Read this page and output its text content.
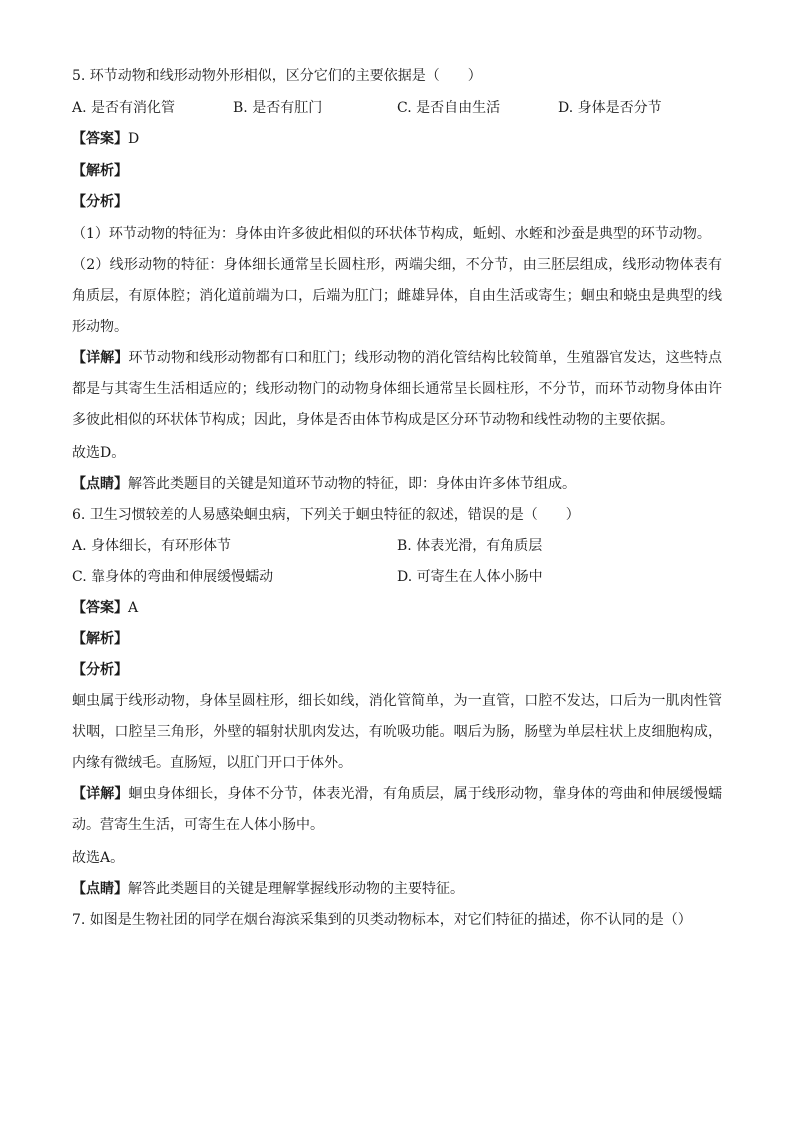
5. 环节动物和线形动物外形相似，区分它们的主要依据是（　　）
A. 是否有消化管	B. 是否有肛门	C. 是否自由生活	D. 身体是否分节
【答案】D
【解析】
【分析】
（1）环节动物的特征为：身体由许多彼此相似的环状体节构成，蚯蚓、水蛭和沙蚕是典型的环节动物。
（2）线形动物的特征：身体细长通常呈长圆柱形，两端尖细，不分节，由三胚层组成，线形动物体表有角质层，有原体腔；消化道前端为口，后端为肛门；雌雄异体，自由生活或寄生；蛔虫和蛲虫是典型的线形动物。
【详解】环节动物和线形动物都有口和肛门；线形动物的消化管结构比较简单，生殖器官发达，这些特点都是与其寄生生活相适应的；线形动物门的动物身体细长通常呈长圆柱形，不分节，而环节动物身体由许多彼此相似的环状体节构成；因此，身体是否由体节构成是区分环节动物和线性动物的主要依据。
故选D。
【点睛】解答此类题目的关键是知道环节动物的特征，即：身体由许多体节组成。
6. 卫生习惯较差的人易感染蛔虫病，下列关于蛔虫特征的叙述，错误的是（　　）
A. 身体细长，有环形体节	B. 体表光滑，有角质层
C. 靠身体的弯曲和伸展缓慢蠕动	D. 可寄生在人体小肠中
【答案】A
【解析】
【分析】
蛔虫属于线形动物，身体呈圆柱形，细长如线，消化管简单，为一直管，口腔不发达，口后为一肌肉性管状咽，口腔呈三角形，外壁的辐射状肌肉发达，有吮吸功能。咽后为肠，肠壁为单层柱状上皮细胞构成，内缘有微绒毛。直肠短，以肛门开口于体外。
【详解】蛔虫身体细长，身体不分节，体表光滑，有角质层，属于线形动物，靠身体的弯曲和伸展缓慢蠕动。营寄生生活，可寄生在人体小肠中。
故选A。
【点睛】解答此类题目的关键是理解掌握线形动物的主要特征。
7. 如图是生物社团的同学在烟台海滨采集到的贝类动物标本，对它们特征的描述，你不认同的是（）
